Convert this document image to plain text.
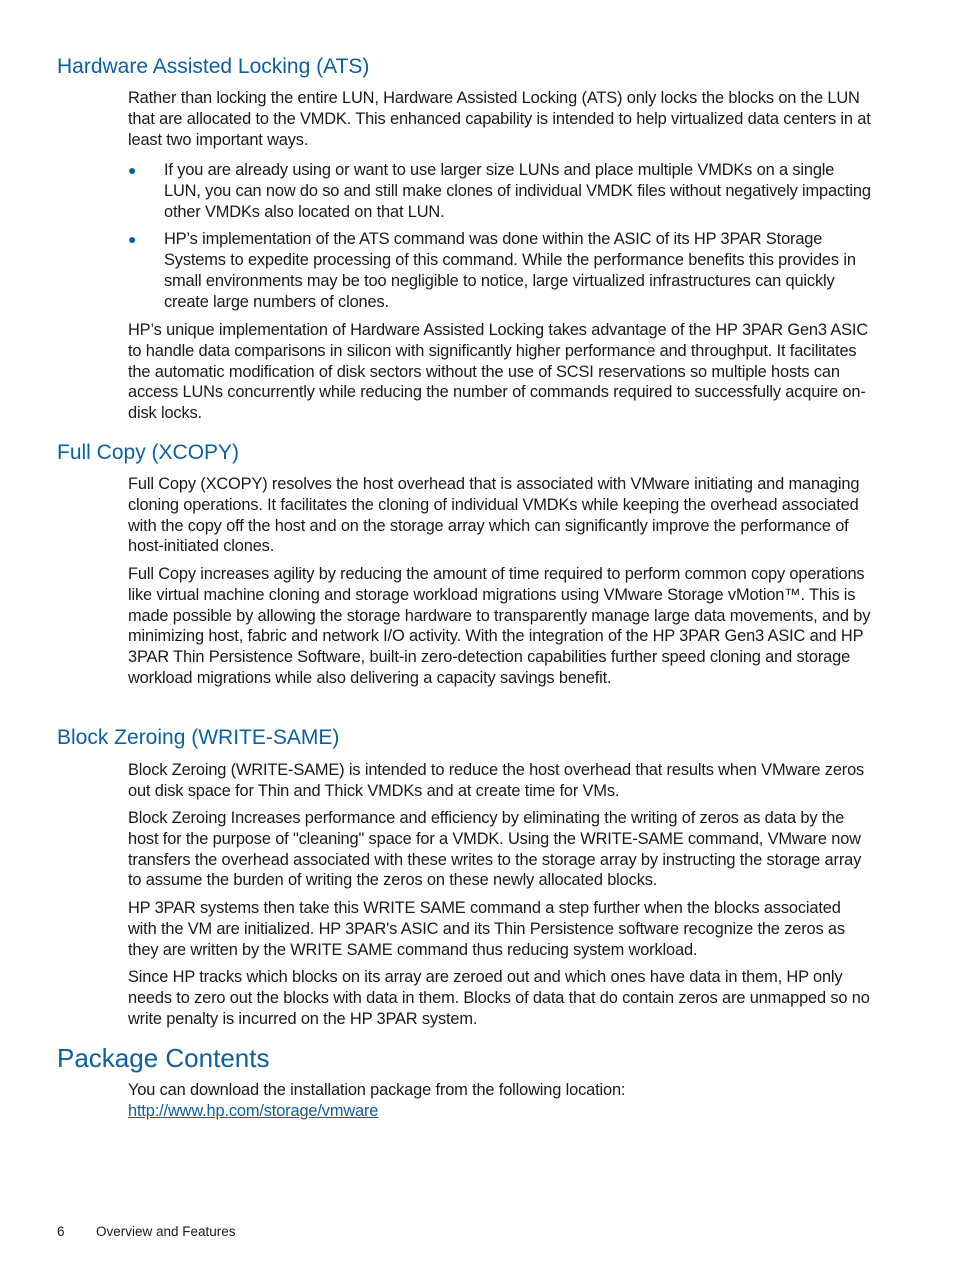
Hardware Assisted Locking (ATS)

Rather than locking the entire LUN, Hardware Assisted Locking (ATS) only locks the blocks on the LUN that are allocated to the VMDK. This enhanced capability is intended to help virtualized data centers in at least two important ways.

● If you are already using or want to use larger size LUNs and place multiple VMDKs on a single LUN, you can now do so and still make clones of individual VMDK files without negatively impacting other VMDKs also located on that LUN.
● HP’s implementation of the ATS command was done within the ASIC of its HP 3PAR Storage Systems to expedite processing of this command. While the performance benefits this provides in small environments may be too negligible to notice, large virtualized infrastructures can quickly create large numbers of clones.

HP’s unique implementation of Hardware Assisted Locking takes advantage of the HP 3PAR Gen3 ASIC to handle data comparisons in silicon with significantly higher performance and throughput. It facilitates the automatic modification of disk sectors without the use of SCSI reservations so multiple hosts can access LUNs concurrently while reducing the number of commands required to successfully acquire on-disk locks.

Full Copy (XCOPY)

Full Copy (XCOPY) resolves the host overhead that is associated with VMware initiating and managing cloning operations. It facilitates the cloning of individual VMDKs while keeping the overhead associated with the copy off the host and on the storage array which can significantly improve the performance of host-initiated clones.

Full Copy increases agility by reducing the amount of time required to perform common copy operations like virtual machine cloning and storage workload migrations using VMware Storage vMotion™. This is made possible by allowing the storage hardware to transparently manage large data movements, and by minimizing host, fabric and network I/O activity. With the integration of the HP 3PAR Gen3 ASIC and HP 3PAR Thin Persistence Software, built-in zero-detection capabilities further speed cloning and storage workload migrations while also delivering a capacity savings benefit.

Block Zeroing (WRITE-SAME)

Block Zeroing (WRITE-SAME) is intended to reduce the host overhead that results when VMware zeros out disk space for Thin and Thick VMDKs and at create time for VMs.

Block Zeroing Increases performance and efficiency by eliminating the writing of zeros as data by the host for the purpose of "cleaning" space for a VMDK. Using the WRITE-SAME command, VMware now transfers the overhead associated with these writes to the storage array by instructing the storage array to assume the burden of writing the zeros on these newly allocated blocks.

HP 3PAR systems then take this WRITE SAME command a step further when the blocks associated with the VM are initialized. HP 3PAR's ASIC and its Thin Persistence software recognize the zeros as they are written by the WRITE SAME command thus reducing system workload.

Since HP tracks which blocks on its array are zeroed out and which ones have data in them, HP only needs to zero out the blocks with data in them. Blocks of data that do contain zeros are unmapped so no write penalty is incurred on the HP 3PAR system.

Package Contents

You can download the installation package from the following location: http://www.hp.com/storage/vmware

6 Overview and Features
